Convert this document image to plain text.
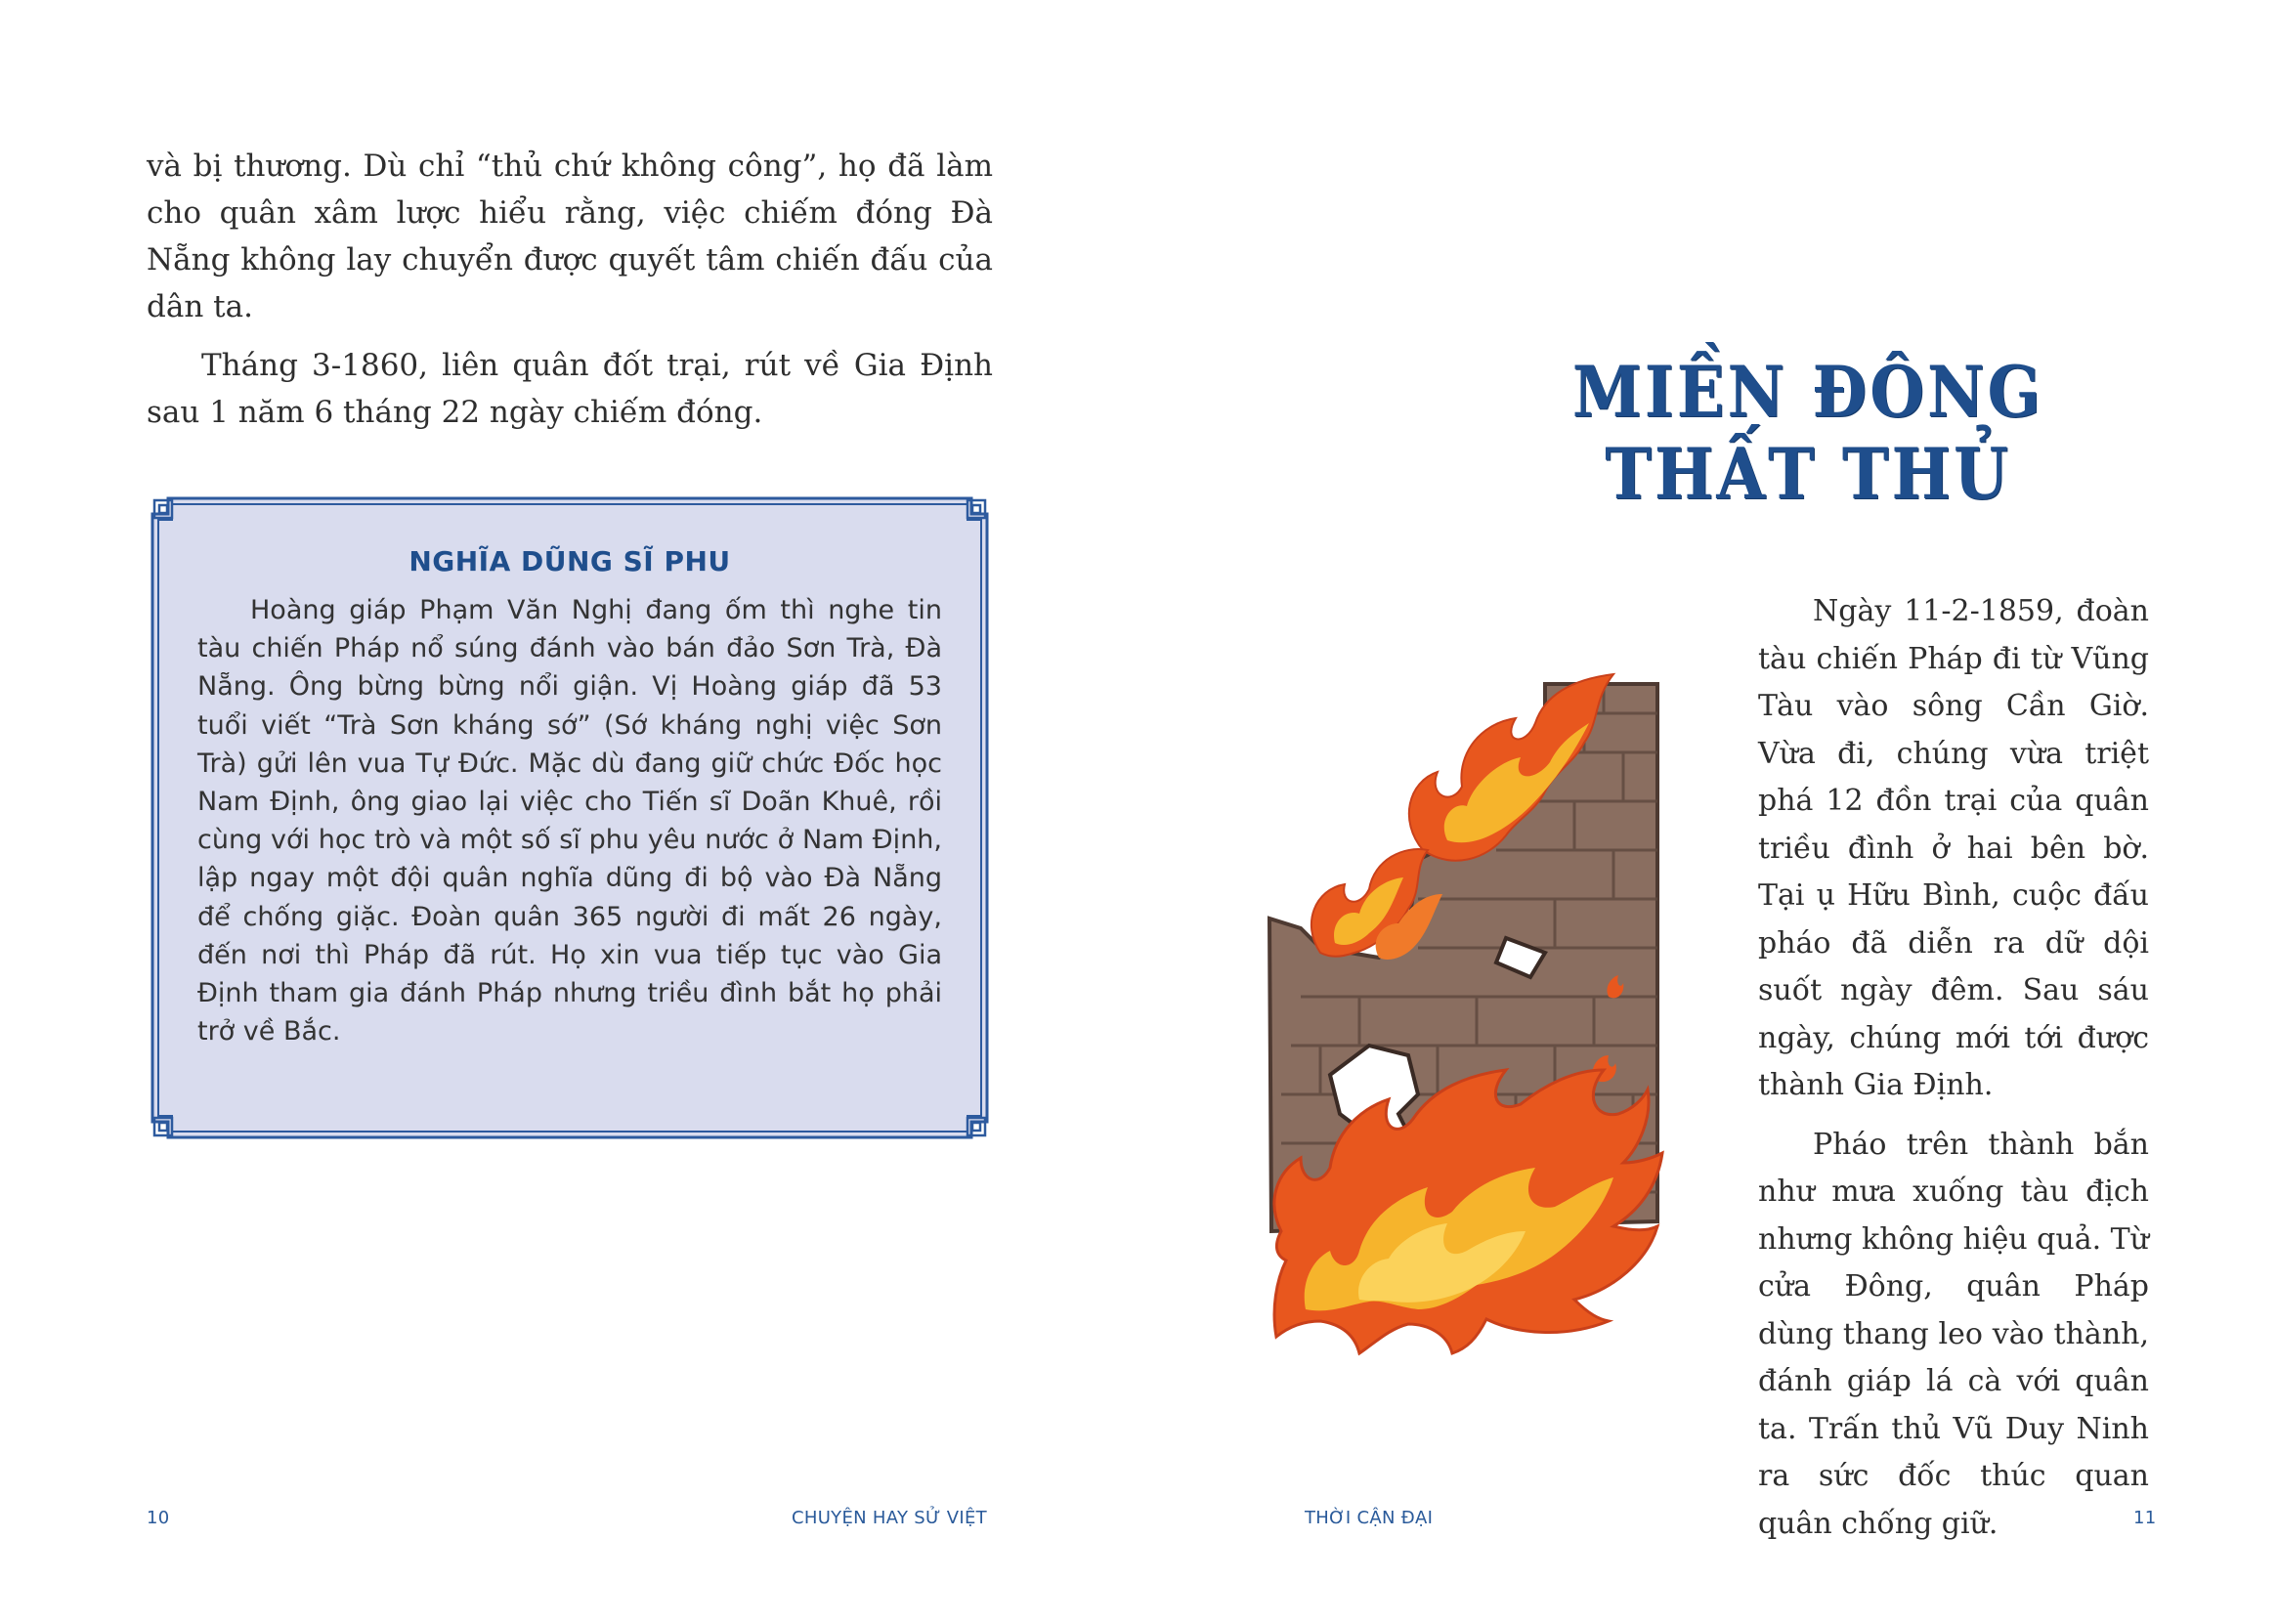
và bị thương. Dù chỉ “thủ chứ không công”, họ đã làm cho quân xâm lược hiểu rằng, việc chiếm đóng Đà Nẵng không lay chuyển được quyết tâm chiến đấu của dân ta.

Tháng 3-1860, liên quân đốt trại, rút về Gia Định sau 1 năm 6 tháng 22 ngày chiếm đóng.

NGHĨA DŨNG SĨ PHU

Hoàng giáp Phạm Văn Nghị đang ốm thì nghe tin tàu chiến Pháp nổ súng đánh vào bán đảo Sơn Trà, Đà Nẵng. Ông bừng bừng nổi giận. Vị Hoàng giáp đã 53 tuổi viết “Trà Sơn kháng sớ” (Sớ kháng nghị việc Sơn Trà) gửi lên vua Tự Đức. Mặc dù đang giữ chức Đốc học Nam Định, ông giao lại việc cho Tiến sĩ Doãn Khuê, rồi cùng với học trò và một số sĩ phu yêu nước ở Nam Định, lập ngay một đội quân nghĩa dũng đi bộ vào Đà Nẵng để chống giặc. Đoàn quân 365 người đi mất 26 ngày, đến nơi thì Pháp đã rút. Họ xin vua tiếp tục vào Gia Định tham gia đánh Pháp nhưng triều đình bắt họ phải trở về Bắc.

10	CHUYỆN HAY SỬ VIỆT
MIỀN ĐÔNG THẤT THỦ

Ngày 11-2-1859, đoàn tàu chiến Pháp đi từ Vũng Tàu vào sông Cần Giờ. Vừa đi, chúng vừa triệt phá 12 đồn trại của quân triều đình ở hai bên bờ. Tại ụ Hữu Bình, cuộc đấu pháo đã diễn ra dữ dội suốt ngày đêm. Sau sáu ngày, chúng mới tới được thành Gia Định.

Pháo trên thành bắn như mưa xuống tàu địch nhưng không hiệu quả. Từ cửa Đông, quân Pháp dùng thang leo vào thành, đánh giáp lá cà với quân ta. Trấn thủ Vũ Duy Ninh ra sức đốc thúc quan quân chống giữ.

THỜI CẬN ĐẠI	11
